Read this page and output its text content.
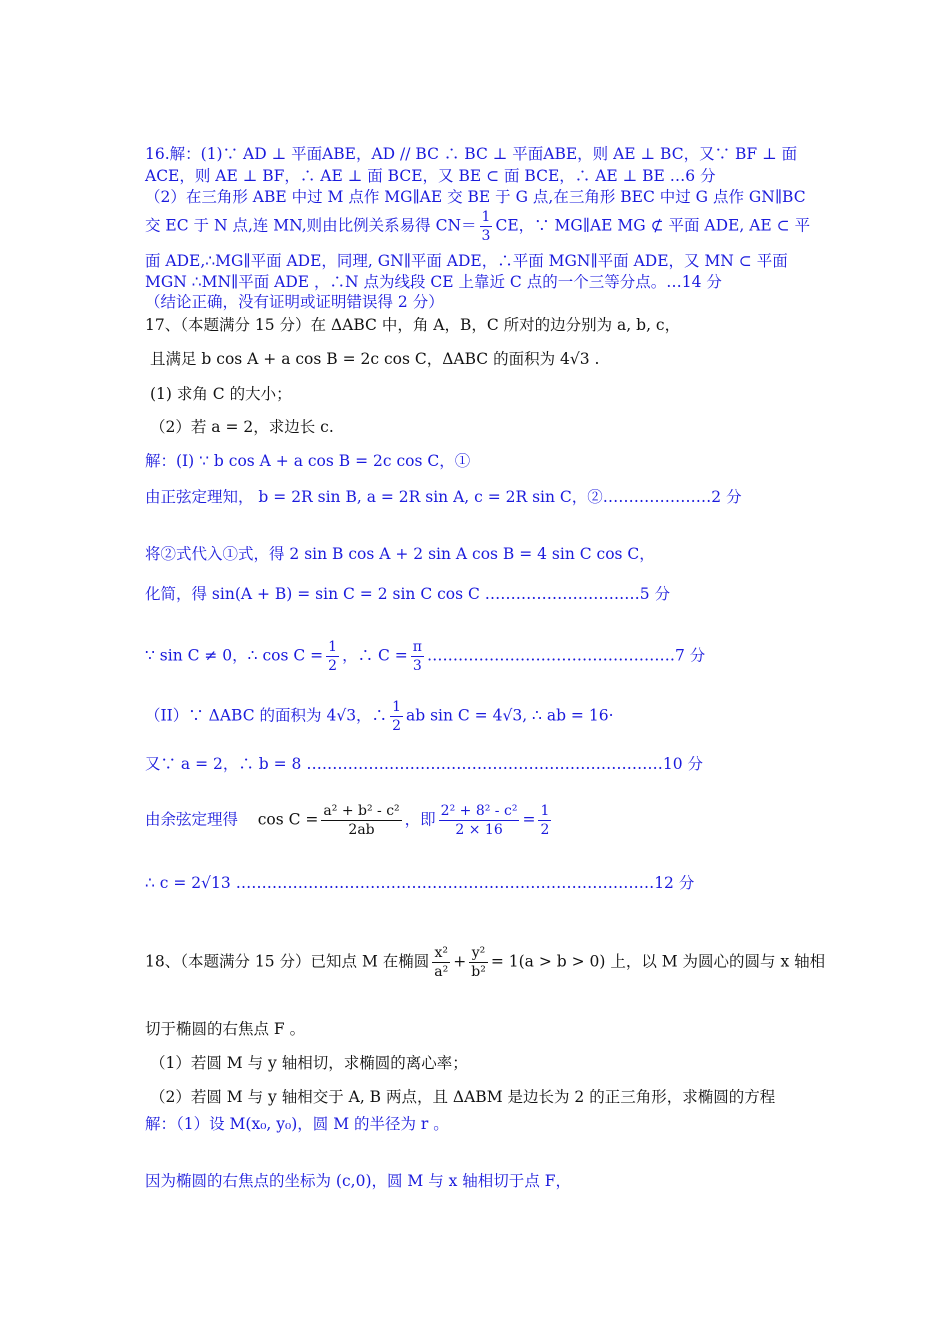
16.解：(1)∵ AD ⊥ 平面ABE，AD // BC ∴ BC ⊥ 平面ABE，则 AE ⊥ BC，又∵ BF ⊥ 面
ACE，则 AE ⊥ BF，∴ AE ⊥ 面 BCE，又 BE ⊂ 面 BCE，∴ AE ⊥ BE …6 分
（2）在三角形 ABE 中过 M 点作 MG∥AE 交 BE 于 G 点,在三角形 BEC 中过 G 点作 GN∥BC
交 EC 于 N 点,连 MN,则由比例关系易得 $CN= \frac{1}{3}$ CE，∵ MG∥AE MG ⊄ 平面 ADE, AE ⊂ 平
面 ADE,∴MG∥平面 ADE，同理, GN∥平面 ADE，∴平面 MGN∥平面 ADE，又 MN ⊂ 平面
MGN ∴MN∥平面 ADE ，∴N 点为线段 CE 上靠近 C 点的一个三等分点。…14 分
（结论正确，没有证明或证明错误得 2 分）
17、（本题满分 15 分）在 ΔABC 中，角 A，B，C 所对的边分别为 a, b, c，
且满足 b cos A + a cos B = 2c cos C，ΔABC 的面积为 4√3 .
(1) 求角 C 的大小；
（2）若 a = 2，求边长 c.
解：(I) ∵ b cos A + a cos B = 2c cos C，①
由正弦定理知， b = 2R sin B, a = 2R sin A, c = 2R sin C，②…………………2 分
将②式代入①式，得 2 sin B cos A + 2 sin A cos B = 4 sin C cos C，
化简，得 sin(A + B) = sin C = 2 sin C cos C …………………………5 分
∵ sin C ≠ 0，∴ $\cos C = \frac{1}{2}$ ，∴ $C = \frac{\pi}{3}$ …………………………………………7 分
（II）∵ ΔABC 的面积为 4√3，∴ $\frac{1}{2}$ ab sin C = 4√3, ∴ ab = 16·
又∵ a = 2，∴ b = 8 ……………………………………………………………10 分
由余弦定理得 $\cos C = \frac{\text{a² + b² - c²}}{2ab}$ ，即 $\frac{\text{2² + 8² - c²}}{2 \times 16} = \frac{1}{2}$
∴ c = 2√13 ………………………………………………………………………12 分
18、（本题满分 15 分）已知点 M 在椭圆 $\frac{\text{x²}}{\text{a²}} + \frac{\text{y²}}{\text{b²}} = 1(a > b > 0)$ 上，以 M 为圆心的圆与 x 轴相
切于椭圆的右焦点 F 。
（1）若圆 M 与 y 轴相切，求椭圆的离心率；
（2）若圆 M 与 y 轴相交于 A, B 两点，且 ΔABM 是边长为 2 的正三角形，求椭圆的方程
解：（1）设 M(x₀, y₀)，圆 M 的半径为 r 。
因为椭圆的右焦点的坐标为 (c,0)，圆 M 与 x 轴相切于点 F，
